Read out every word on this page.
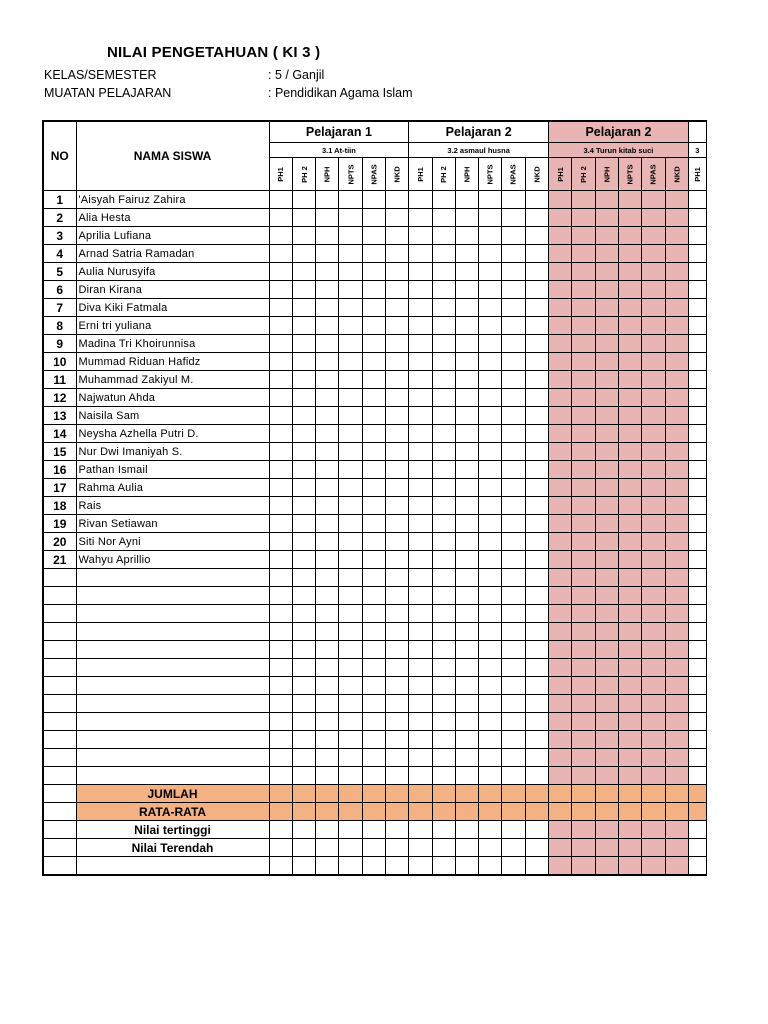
NILAI PENGETAHUAN ( KI 3 )
KELAS/SEMESTER	: 5 / Ganjil
MUATAN PELAJARAN	: Pendidikan Agama Islam
NO	NAMA SISWA	Pelajaran 1						Pelajaran 2						Pelajaran 2						
		3.1 At-tiin						3.2 asmaul husna						3.4 Turun kitab suci						3
		PH1	PH 2	NPH	NPTS	NPAS	NKD	PH1	PH 2	NPH	NPTS	NPAS	NKD	PH1	PH 2	NPH	NPTS	NPAS	NKD	PH1
1	'Aisyah Fairuz Zahira																			
2	Alia Hesta																			
3	Aprilia Lufiana																			
4	Arnad Satria Ramadan																			
5	Aulia Nurusyifa																			
6	Diran Kirana																			
7	Diva Kiki Fatmala																			
8	Erni tri yuliana																			
9	Madina Tri Khoirunnisa																			
10	Mummad Riduan Hafidz																			
11	Muhammad Zakiyul M.																			
12	Najwatun Ahda																			
13	Naisila Sam																			
14	Neysha Azhella Putri D.																			
15	Nur Dwi Imaniyah S.																			
16	Pathan Ismail																			
17	Rahma Aulia																			
18	Rais																			
19	Rivan Setiawan																			
20	Siti Nor Ayni																			
21	Wahyu Aprillio																			

	JUMLAH																			
	RATA-RATA																			
	Nilai tertinggi																			
	Nilai Terendah																			
